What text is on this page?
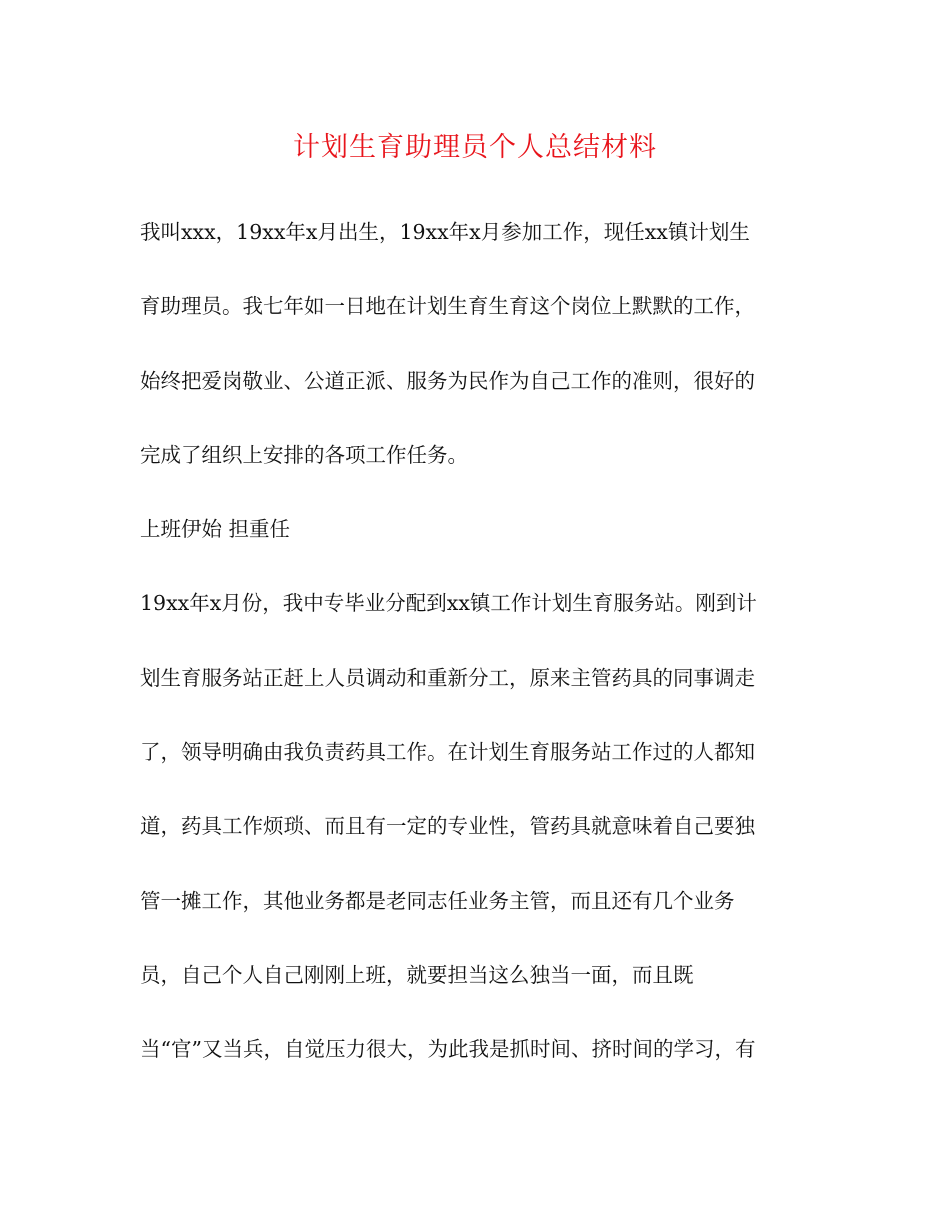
计划生育助理员个人总结材料
我叫xxx，19xx年x月出生，19xx年x月参加工作，现任xx镇计划生
育助理员。我七年如一日地在计划生育生育这个岗位上默默的工作，
始终把爱岗敬业、公道正派、服务为民作为自己工作的准则，很好的
完成了组织上安排的各项工作任务。
上班伊始 担重任
19xx年x月份，我中专毕业分配到xx镇工作计划生育服务站。刚到计
划生育服务站正赶上人员调动和重新分工，原来主管药具的同事调走
了，领导明确由我负责药具工作。在计划生育服务站工作过的人都知
道，药具工作烦琐、而且有一定的专业性，管药具就意味着自己要独
管一摊工作，其他业务都是老同志任业务主管，而且还有几个业务
员，自己个人自己刚刚上班，就要担当这么独当一面，而且既
当“官”又当兵，自觉压力很大，为此我是抓时间、挤时间的学习，有
